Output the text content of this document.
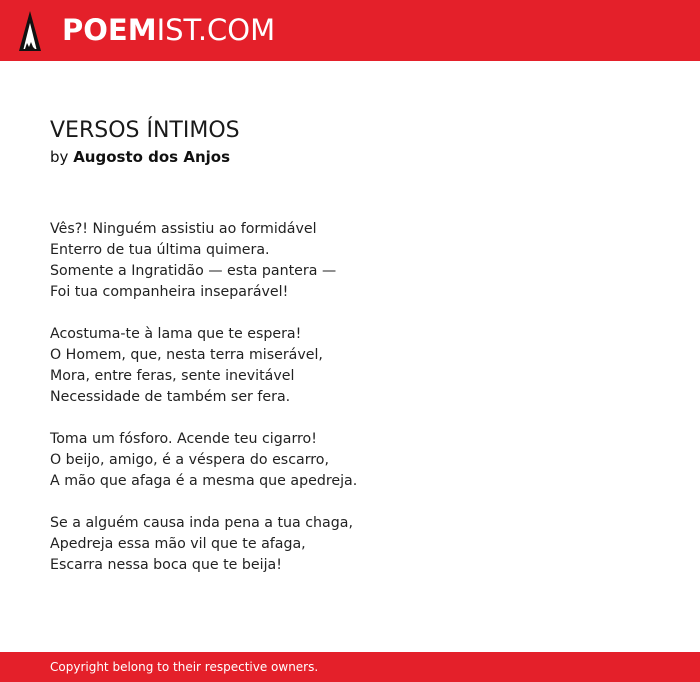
POEMIST.COM
VERSOS ÍNTIMOS
by Augosto dos Anjos
Vês?! Ninguém assistiu ao formidável
Enterro de tua última quimera.
Somente a Ingratidão — esta pantera —
Foi tua companheira inseparável!
Acostuma-te à lama que te espera!
O Homem, que, nesta terra miserável,
Mora, entre feras, sente inevitável
Necessidade de também ser fera.
Toma um fósforo. Acende teu cigarro!
O beijo, amigo, é a véspera do escarro,
A mão que afaga é a mesma que apedreja.
Se a alguém causa inda pena a tua chaga,
Apedreja essa mão vil que te afaga,
Escarra nessa boca que te beija!
Copyright belong to their respective owners.
